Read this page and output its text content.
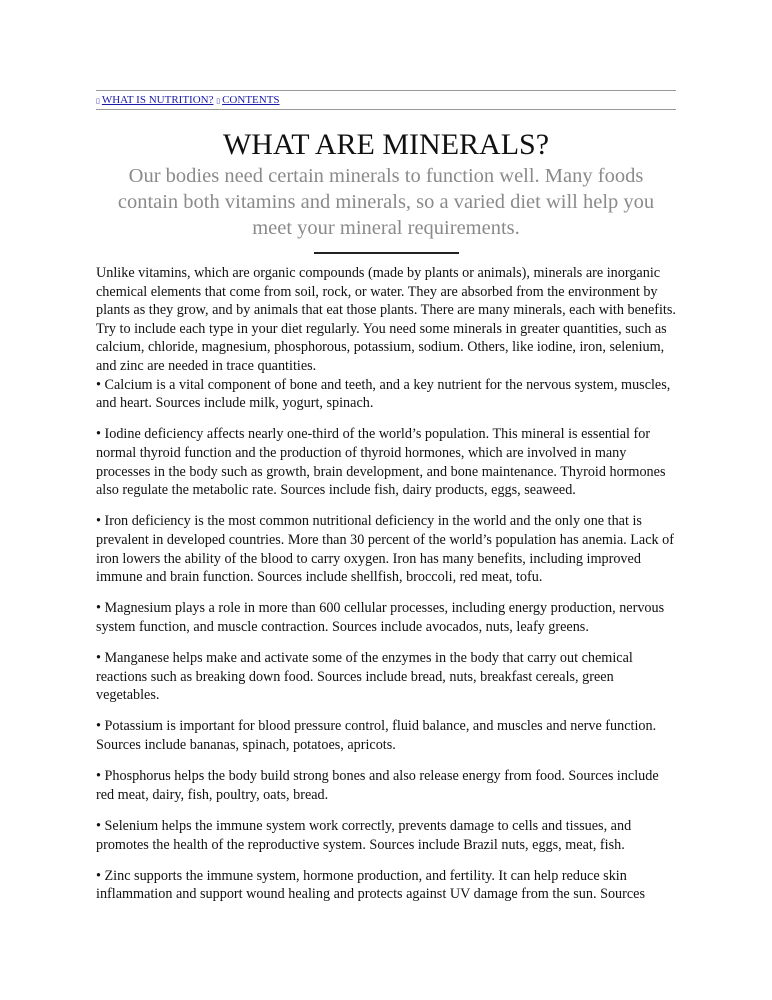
▯ WHAT IS NUTRITION? ▯ CONTENTS
WHAT ARE MINERALS?
Our bodies need certain minerals to function well. Many foods contain both vitamins and minerals, so a varied diet will help you meet your mineral requirements.

Unlike vitamins, which are organic compounds (made by plants or animals), minerals are inorganic chemical elements that come from soil, rock, or water. They are absorbed from the environment by plants as they grow, and by animals that eat those plants. There are many minerals, each with benefits. Try to include each type in your diet regularly. You need some minerals in greater quantities, such as calcium, chloride, magnesium, phosphorous, potassium, sodium. Others, like iodine, iron, selenium, and zinc are needed in trace quantities.

• Calcium is a vital component of bone and teeth, and a key nutrient for the nervous system, muscles, and heart. Sources include milk, yogurt, spinach.

• Iodine deficiency affects nearly one-third of the world’s population. This mineral is essential for normal thyroid function and the production of thyroid hormones, which are involved in many processes in the body such as growth, brain development, and bone maintenance. Thyroid hormones also regulate the metabolic rate. Sources include fish, dairy products, eggs, seaweed.

• Iron deficiency is the most common nutritional deficiency in the world and the only one that is prevalent in developed countries. More than 30 percent of the world’s population has anemia. Lack of iron lowers the ability of the blood to carry oxygen. Iron has many benefits, including improved immune and brain function. Sources include shellfish, broccoli, red meat, tofu.

• Magnesium plays a role in more than 600 cellular processes, including energy production, nervous system function, and muscle contraction. Sources include avocados, nuts, leafy greens.

• Manganese helps make and activate some of the enzymes in the body that carry out chemical reactions such as breaking down food. Sources include bread, nuts, breakfast cereals, green vegetables.

• Potassium is important for blood pressure control, fluid balance, and muscles and nerve function. Sources include bananas, spinach, potatoes, apricots.

• Phosphorus helps the body build strong bones and also release energy from food. Sources include red meat, dairy, fish, poultry, oats, bread.

• Selenium helps the immune system work correctly, prevents damage to cells and tissues, and promotes the health of the reproductive system. Sources include Brazil nuts, eggs, meat, fish.

• Zinc supports the immune system, hormone production, and fertility. It can help reduce skin inflammation and support wound healing and protects against UV damage from the sun. Sources
